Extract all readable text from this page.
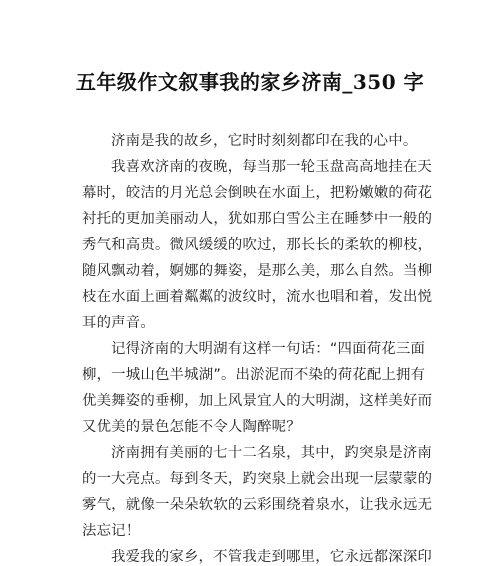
五年级作文叙事我的家乡济南_350 字
济南是我的故乡，它时时刻刻都印在我的心中。
我喜欢济南的夜晚，每当那一轮玉盘高高地挂在天
幕时，皎洁的月光总会倒映在水面上，把粉嫩嫩的荷花
衬托的更加美丽动人，犹如那白雪公主在睡梦中一般的
秀气和高贵。微风缓缓的吹过，那长长的柔软的柳枝，
随风飘动着，婀娜的舞姿，是那么美，那么自然。当柳
枝在水面上画着粼粼的波纹时，流水也唱和着，发出悦
耳的声音。
记得济南的大明湖有这样一句话：“四面荷花三面
柳，一城山色半城湖”。出淤泥而不染的荷花配上拥有
优美舞姿的垂柳，加上风景宜人的大明湖，这样美好而
又优美的景色怎能不令人陶醉呢？
济南拥有美丽的七十二名泉，其中，趵突泉是济南
的一大亮点。每到冬天，趵突泉上就会出现一层蒙蒙的
雾气，就像一朵朵软软的云彩围绕着泉水，让我永远无
法忘记！
我爱我的家乡，不管我走到哪里，它永远都深深印
